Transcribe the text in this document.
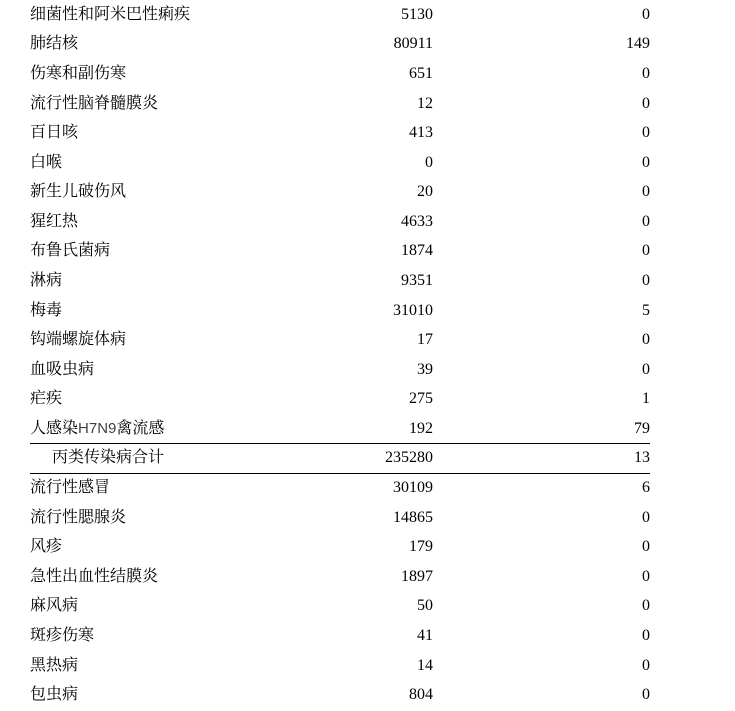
细菌性和阿米巴性痢疾	5130	0
肺结核	80911	149
伤寒和副伤寒	651	0
流行性脑脊髓膜炎	12	0
百日咳	413	0
白喉	0	0
新生儿破伤风	20	0
猩红热	4633	0
布鲁氏菌病	1874	0
淋病	9351	0
梅毒	31010	5
钩端螺旋体病	17	0
血吸虫病	39	0
疟疾	275	1
人感染H7N9禽流感	192	79
丙类传染病合计	235280	13
流行性感冒	30109	6
流行性腮腺炎	14865	0
风疹	179	0
急性出血性结膜炎	1897	0
麻风病	50	0
斑疹伤寒	41	0
黑热病	14	0
包虫病	804	0
